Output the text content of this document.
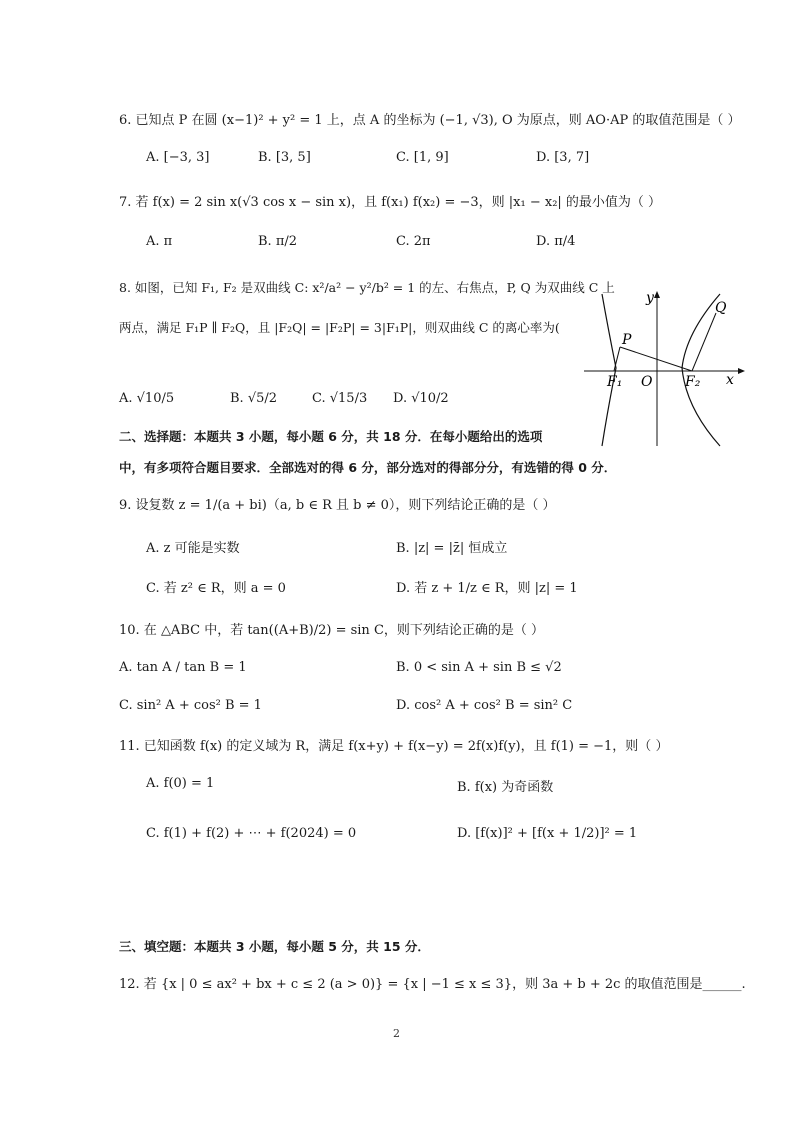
6. 已知点 P 在圆 (x−1)² + y² = 1 上，点 A 的坐标为 (−1, √3), O 为原点，则 AO·AP 的取值范围是（ ）
A. [−3, 3]	B. [3, 5]	C. [1, 9]	D. [3, 7]
7. 若 f(x) = 2 sin x(√3 cos x − sin x)，且 f(x₁) f(x₂) = −3，则 |x₁ − x₂| 的最小值为（ ）
A. π	B. π/2	C. 2π	D. π/4
8. 如图，已知 F₁, F₂ 是双曲线 C: x²/a² − y²/b² = 1 的左、右焦点，P, Q 为双曲线 C 上
两点，满足 F₁P ∥ F₂Q，且 |F₂Q| = |F₂P| = 3|F₁P|，则双曲线 C 的离心率为(
A. √10/5	B. √5/2	C. √15/3 D. √10/2
y
x
O
P
Q
F₁	F₂
二、选择题：本题共 3 小题，每小题 6 分，共 18 分．在每小题给出的选项
中，有多项符合题目要求．全部选对的得 6 分，部分选对的得部分分，有选错的得 0 分．
9. 设复数 z = 1/(a + bi)（a, b ∈ R 且 b ≠ 0），则下列结论正确的是（ ）
A. z 可能是实数	B. |z| = |z̄| 恒成立
C. 若 z² ∈ R，则 a = 0	D. 若 z + 1/z ∈ R，则 |z| = 1
10. 在 △ABC 中，若 tan((A+B)/2) = sin C，则下列结论正确的是（ ）
A. tan A / tan B = 1	B. 0 < sin A + sin B ≤ √2
C. sin² A + cos² B = 1	D. cos² A + cos² B = sin² C
11. 已知函数 f(x) 的定义域为 R，满足 f(x+y) + f(x−y) = 2f(x)f(y)，且 f(1) = −1，则（ ）
A. f(0) = 1	B. f(x) 为奇函数
C. f(1) + f(2) + ⋯ + f(2024) = 0	D. [f(x)]² + [f(x + 1/2)]² = 1
三、填空题：本题共 3 小题，每小题 5 分，共 15 分．
12. 若 {x | 0 ≤ ax² + bx + c ≤ 2 (a > 0)} = {x | −1 ≤ x ≤ 3}，则 3a + b + 2c 的取值范围是______.
2
